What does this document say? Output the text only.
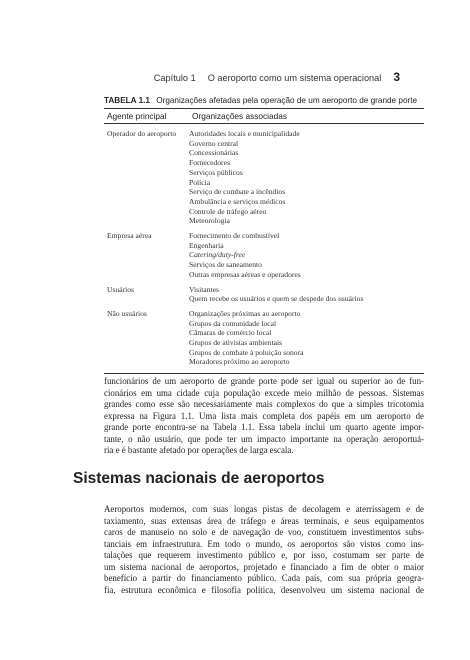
Capítulo 1 O aeroporto como um sistema operacional 3
TABELA 1.1 Organizações afetadas pela operação de um aeroporto de grande porte
Agente principal	Organizações associadas
Operador do aeroporto	Autoridades locais e municipalidade
Governo central
Concessionárias
Fornecedores
Serviços públicos
Polícia
Serviço de combate a incêndios
Ambulância e serviços médicos
Controle de tráfego aéreo
Meteorologia
Empresa aérea	Fornecimento de combustível
Engenharia
Catering/duty-free
Serviços de saneamento
Outras empresas aéreas e operadores
Usuários	Visitantes
Quem recebe os usuários e quem se despede dos usuários
Não usuários	Organizações próximas ao aeroporto
Grupos da comunidade local
Câmaras de comércio local
Grupos de ativistas ambientais
Grupos de combate à poluição sonora
Moradores próximo ao aeroporto

funcionários de um aeroporto de grande porte pode ser igual ou superior ao de fun-
cionários em uma cidade cuja população excede meio milhão de pessoas. Sistemas
grandes como esse são necessariamente mais complexos do que a simples tricotomia
expressa na Figura 1.1. Uma lista mais completa dos papéis em um aeroporto de
grande porte encontra-se na Tabela 1.1. Essa tabela inclui um quarto agente impor-
tante, o não usuário, que pode ter um impacto importante na operação aeroportuá-
ria e é bastante afetado por operações de larga escala.

Sistemas nacionais de aeroportos

Aeroportos modernos, com suas longas pistas de decolagem e aterrissagem e de
taxiamento, suas extensas área de tráfego e áreas terminais, e seus equipamentos
caros de manuseio no solo e de navegação de voo, constituem investimentos subs-
tanciais em infraestrutura. Em todo o mundo, os aeroportos são vistos como ins-
talações que requerem investimento público e, por isso, costumam ser parte de
um sistema nacional de aeroportos, projetado e financiado a fim de obter o maior
benefício a partir do financiamento público. Cada país, com sua própria geogra-
fia, estrutura econômica e filosofia política, desenvolveu um sistema nacional de
